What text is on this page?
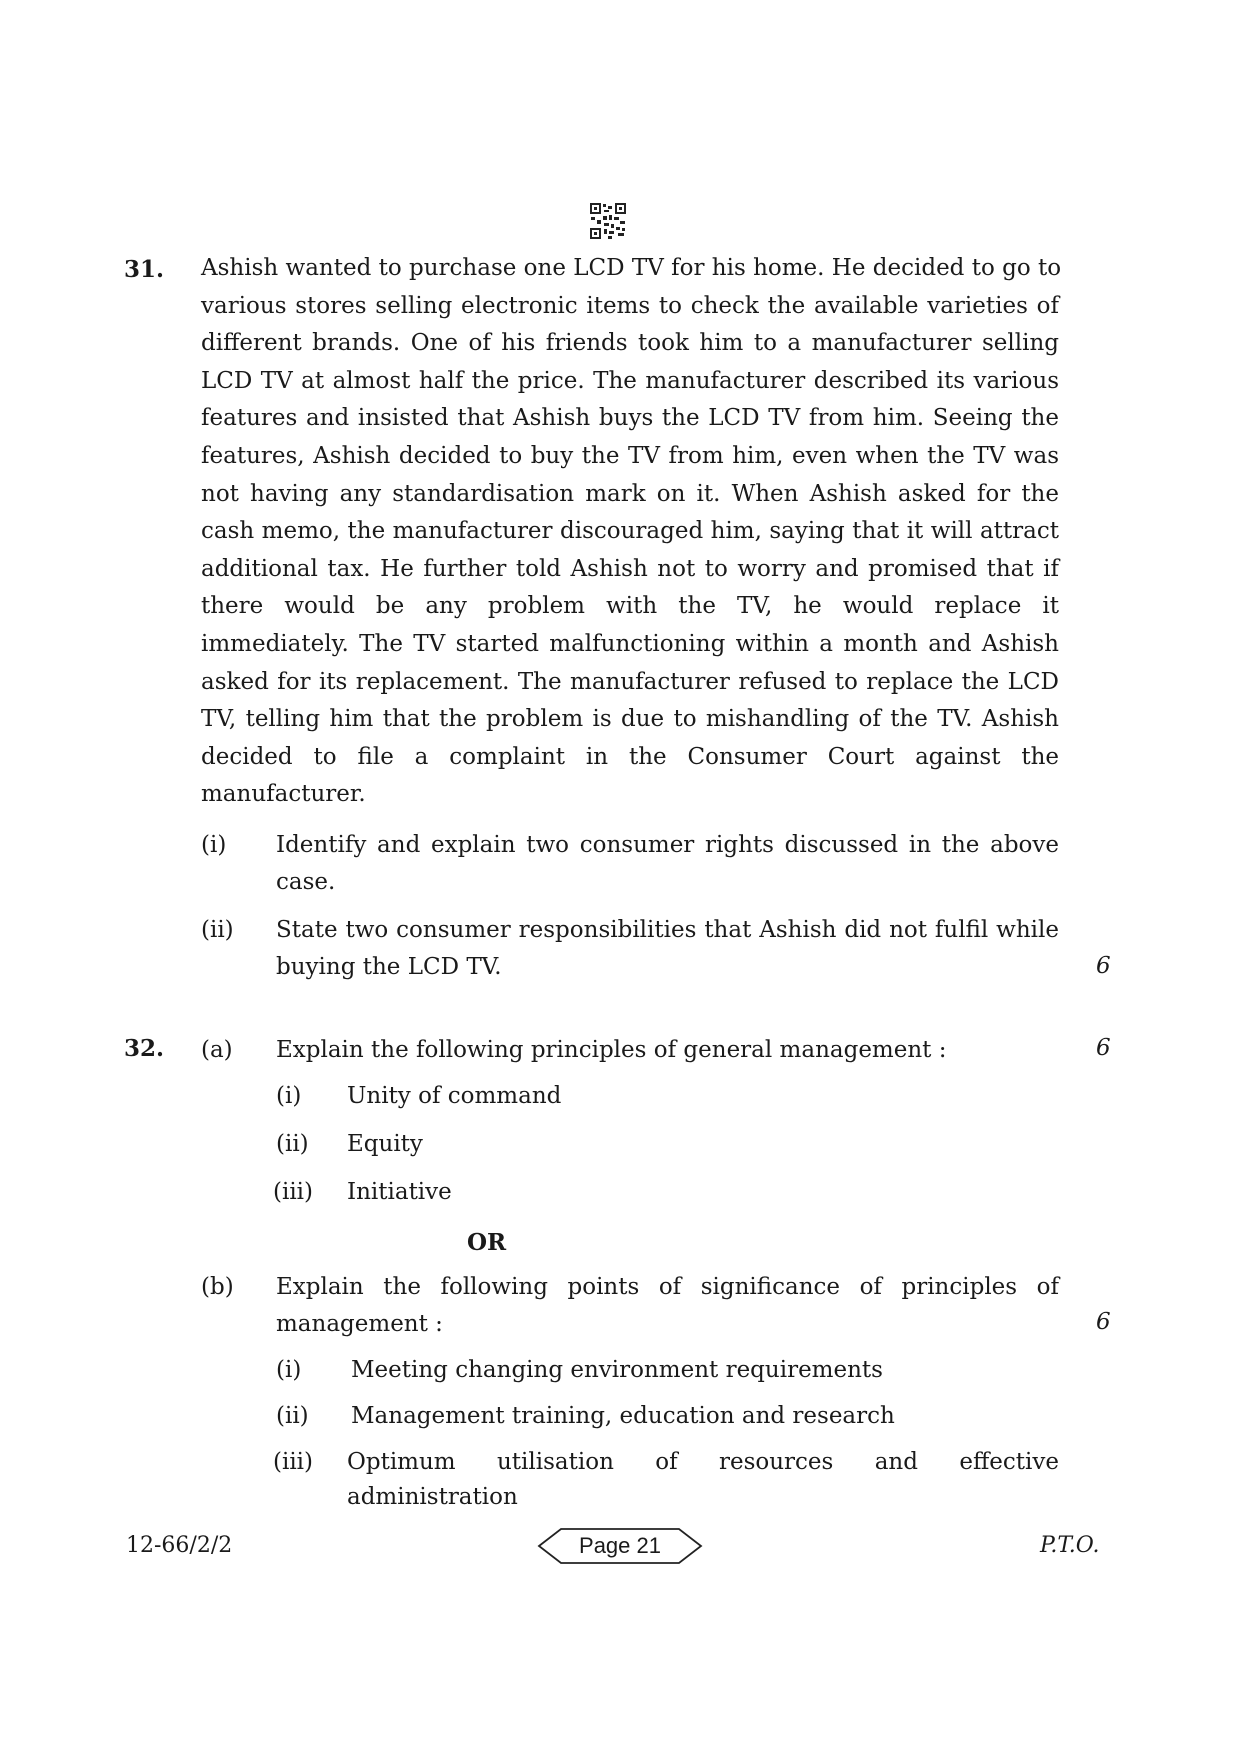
31. Ashish wanted to purchase one LCD TV for his home. He decided to go to
various stores selling electronic items to check the available varieties of
different brands. One of his friends took him to a manufacturer selling
LCD TV at almost half the price. The manufacturer described its various
features and insisted that Ashish buys the LCD TV from him. Seeing the
features, Ashish decided to buy the TV from him, even when the TV was
not having any standardisation mark on it. When Ashish asked for the
cash memo, the manufacturer discouraged him, saying that it will attract
additional tax. He further told Ashish not to worry and promised that if
there would be any problem with the TV, he would replace it
immediately. The TV started malfunctioning within a month and Ashish
asked for its replacement. The manufacturer refused to replace the LCD
TV, telling him that the problem is due to mishandling of the TV. Ashish
decided to file a complaint in the Consumer Court against the
manufacturer.
(i) Identify and explain two consumer rights discussed in the above
case.
(ii) State two consumer responsibilities that Ashish did not fulfil while
buying the LCD TV.	6
32. (a) Explain the following principles of general management :	6
(i) Unity of command
(ii) Equity
(iii) Initiative
OR
(b) Explain the following points of significance of principles of
management :	6
(i) Meeting changing environment requirements
(ii) Management training, education and research
(iii) Optimum utilisation of resources and effective
administration
12-66/2/2	Page 21	P.T.O.
